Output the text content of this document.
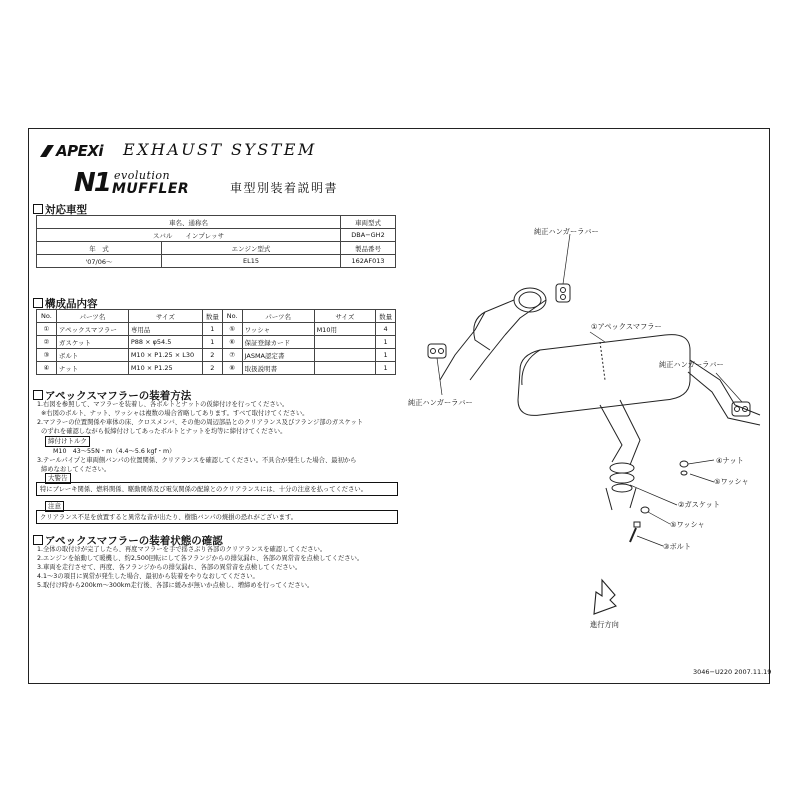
APEXi EXHAUST SYSTEM
N1 evolution
MUFFLER	車型別装着説明書
対応車型
車名、通称名		車両型式
スバル　　インプレッサ		DBA−GH2
年　式	エンジン型式	製品番号
'07/06〜	EL15	162AF013
構成品内容
No.	パーツ名	サイズ	数量	No.	パーツ名	サイズ	数量
①	アペックスマフラー	専用品	1	⑤	ワッシャ	M10用	4
②	ガスケット	P88 × φ54.5	1	⑥	保証登録カード		1
③	ボルト	M10 × P1.25 × L30	2	⑦	JASMA認定書		1
④	ナット	M10 × P1.25	2	⑧	取扱説明書		1
アペックスマフラーの装着方法
1.右図を参照して、マフラーを装着し、各ボルトとナットの仮締付けを行ってください。
※右図のボルト、ナット、ワッシャは複数の場合省略してあります。すべて取付けてください。
2.マフラーの位置関係や車体の床、クロスメンバ、その他の周辺部品とのクリアランス及びフランジ部のガスケット
のずれを確認しながら仮締付けしてあったボルトとナットを均等に締付けてください。
締付けトルク
M10　43〜55N・m（4.4〜5.6 kgf・m）
3.テールパイプと車両側バンパの位置関係、クリアランスを確認してください。不具合が発生した場合、最初から
締めなおしてください。
大警告
特にブレーキ関係、燃料関係、駆動関係及び電気関係の配線とのクリアランスには、十分の注意を払ってください。
注意
クリアランス不足を放置すると異常な音が出たり、樹脂バンパの焼損の恐れがございます。
アペックスマフラーの装着状態の確認
1.全体の取付けが完了したら、再度マフラーを手で揺さぶり各部のクリアランスを確認してください。
2.エンジンを始動して暖機し、約2,500回転にして各フランジからの排気漏れ、各部の異常音を点検してください。
3.車両を走行させて、再度、各フランジからの排気漏れ、各部の異常音を点検してください。
4.1〜3の項目に異常が発生した場合、最初から装着をやりなおしてください。
5.取付け時から200km〜300km走行後、各部に緩みが無いか点検し、増締めを行ってください。
純正ハンガーラバー
①アペックスマフラー
純正ハンガーラバー
純正ハンガーラバー
④ナット
⑤ワッシャ
②ガスケット
⑤ワッシャ
③ボルト
進行方向
3046−U220 2007.11.19
